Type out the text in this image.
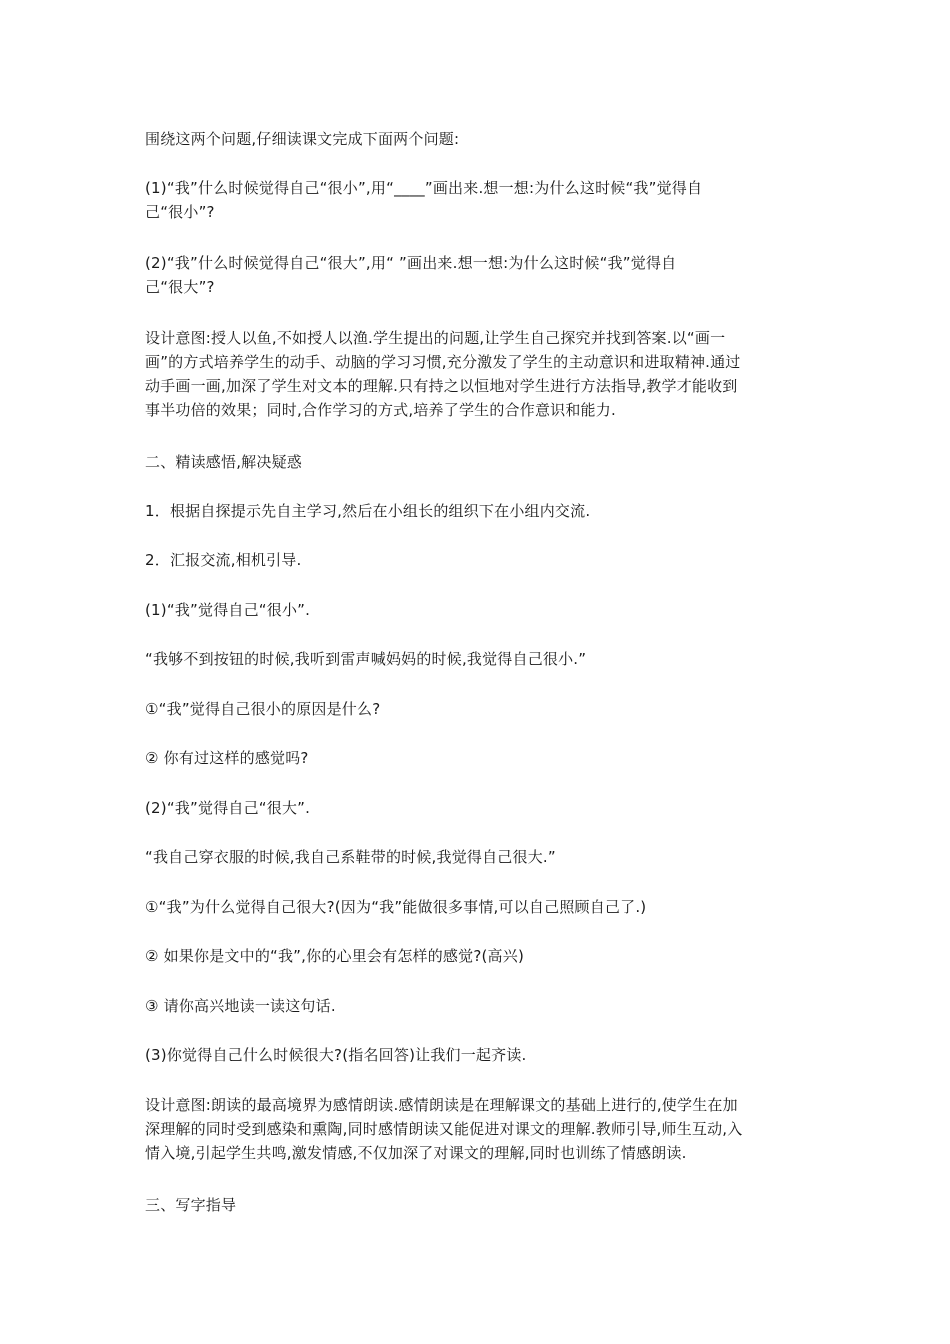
围绕这两个问题,仔细读课文完成下面两个问题:

(1)“我”什么时候觉得自己“很小”,用“____”画出来.想一想:为什么这时候“我”觉得自
己“很小”?

(2)“我”什么时候觉得自己“很大”,用“ ”画出来.想一想:为什么这时候“我”觉得自
己“很大”?

设计意图:授人以鱼,不如授人以渔.学生提出的问题,让学生自己探究并找到答案.以“画一
画”的方式培养学生的动手、动脑的学习习惯,充分激发了学生的主动意识和进取精神.通过
动手画一画,加深了学生对文本的理解.只有持之以恒地对学生进行方法指导,教学才能收到
事半功倍的效果；同时,合作学习的方式,培养了学生的合作意识和能力.

二、精读感悟,解决疑惑

1．根据自探提示先自主学习,然后在小组长的组织下在小组内交流.

2．汇报交流,相机引导.

(1)“我”觉得自己“很小”.

“我够不到按钮的时候,我听到雷声喊妈妈的时候,我觉得自己很小.”

①“我”觉得自己很小的原因是什么?

② 你有过这样的感觉吗?

(2)“我”觉得自己“很大”.

“我自己穿衣服的时候,我自己系鞋带的时候,我觉得自己很大.”

①“我”为什么觉得自己很大?(因为“我”能做很多事情,可以自己照顾自己了.)

② 如果你是文中的“我”,你的心里会有怎样的感觉?(高兴)

③ 请你高兴地读一读这句话.

(3)你觉得自己什么时候很大?(指名回答)让我们一起齐读.

设计意图:朗读的最高境界为感情朗读.感情朗读是在理解课文的基础上进行的,使学生在加
深理解的同时受到感染和熏陶,同时感情朗读又能促进对课文的理解.教师引导,师生互动,入
情入境,引起学生共鸣,激发情感,不仅加深了对课文的理解,同时也训练了情感朗读.

三、写字指导
